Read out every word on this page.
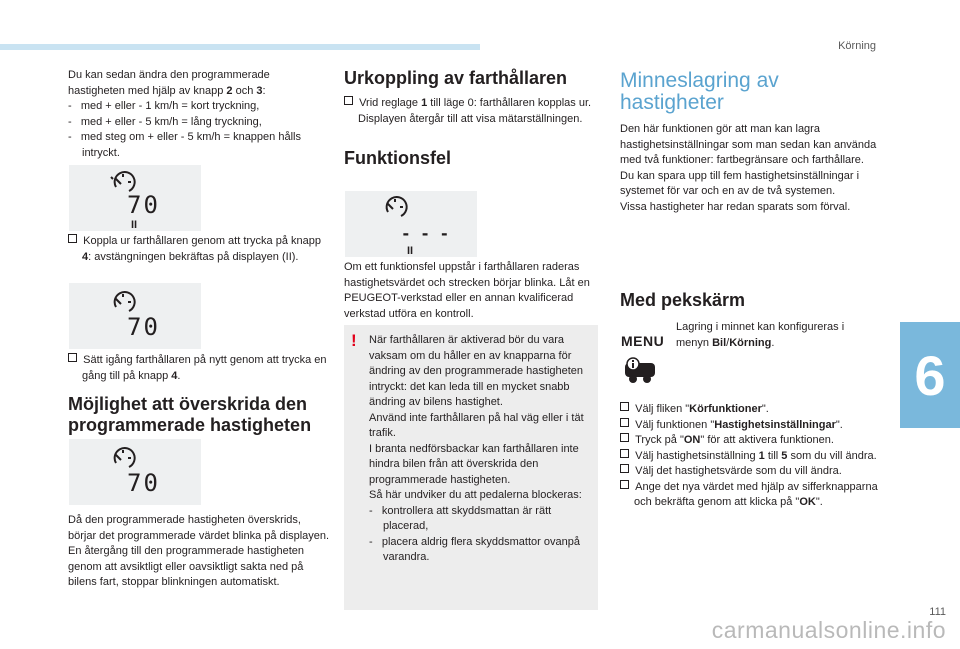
Körning
6
111
carmanualsonline.info

Du kan sedan ändra den programmerade
hastigheten med hjälp av knapp 2 och 3:

-   med + eller - 1 km/h = kort tryckning,

-   med + eller - 5 km/h = lång tryckning,

-   med steg om + eller - 5 km/h = knappen hålls intryckt.

70
II

Koppla ur farthållaren genom att trycka på knapp 4: avstängningen bekräftas på displayen (II).

70

Sätt igång farthållaren på nytt genom att trycka en gång till på knapp 4.

Möjlighet att överskrida den programmerade hastigheten
70

Då den programmerade hastigheten överskrids, börjar det programmerade värdet blinka på displayen.

En återgång till den programmerade hastigheten genom att avsiktligt eller oavsiktligt sakta ned på bilens fart, stoppar blinkningen automatiskt.

Urkoppling av farthållaren

Vrid reglage 1 till läge 0: farthållaren kopplas ur. Displayen återgår till att visa mätarställningen.

Funktionsfel
- - -
II

Om ett funktionsfel uppstår i farthållaren raderas hastighetsvärdet och strecken börjar blinka. Låt en PEUGEOT-verkstad eller en annan kvalificerad verkstad utföra en kontroll.

! När farthållaren är aktiverad bör du vara vaksam om du håller en av knapparna för ändring av den programmerade hastigheten intryckt: det kan leda till en mycket snabb ändring av bilens hastighet.

Använd inte farthållaren på hal väg eller i tät trafik.

I branta nedförsbackar kan farthållaren inte hindra bilen från att överskrida den programmerade hastigheten.

Så här undviker du att pedalerna blockeras:

-   kontrollera att skyddsmattan är rätt placerad,

-   placera aldrig flera skyddsmattor ovanpå varandra.

Minneslagring av hastigheter

Den här funktionen gör att man kan lagra hastighetsinställningar som man sedan kan använda med två funktioner: fartbegränsare och farthållare.

Du kan spara upp till fem hastighetsinställningar i systemet för var och en av de två systemen.

Vissa hastigheter har redan sparats som förval.

Med pekskärm
MENU

Lagring i minnet kan konfigureras i menyn Bil/Körning.

Välj fliken "Körfunktioner".

Välj funktionen "Hastighetsinställningar".

Tryck på "ON" för att aktivera funktionen.

Välj hastighetsinställning 1 till 5 som du vill ändra.

Välj det hastighetsvärde som du vill ändra.

Ange det nya värdet med hjälp av sifferknapparna och bekräfta genom att klicka på "OK".
